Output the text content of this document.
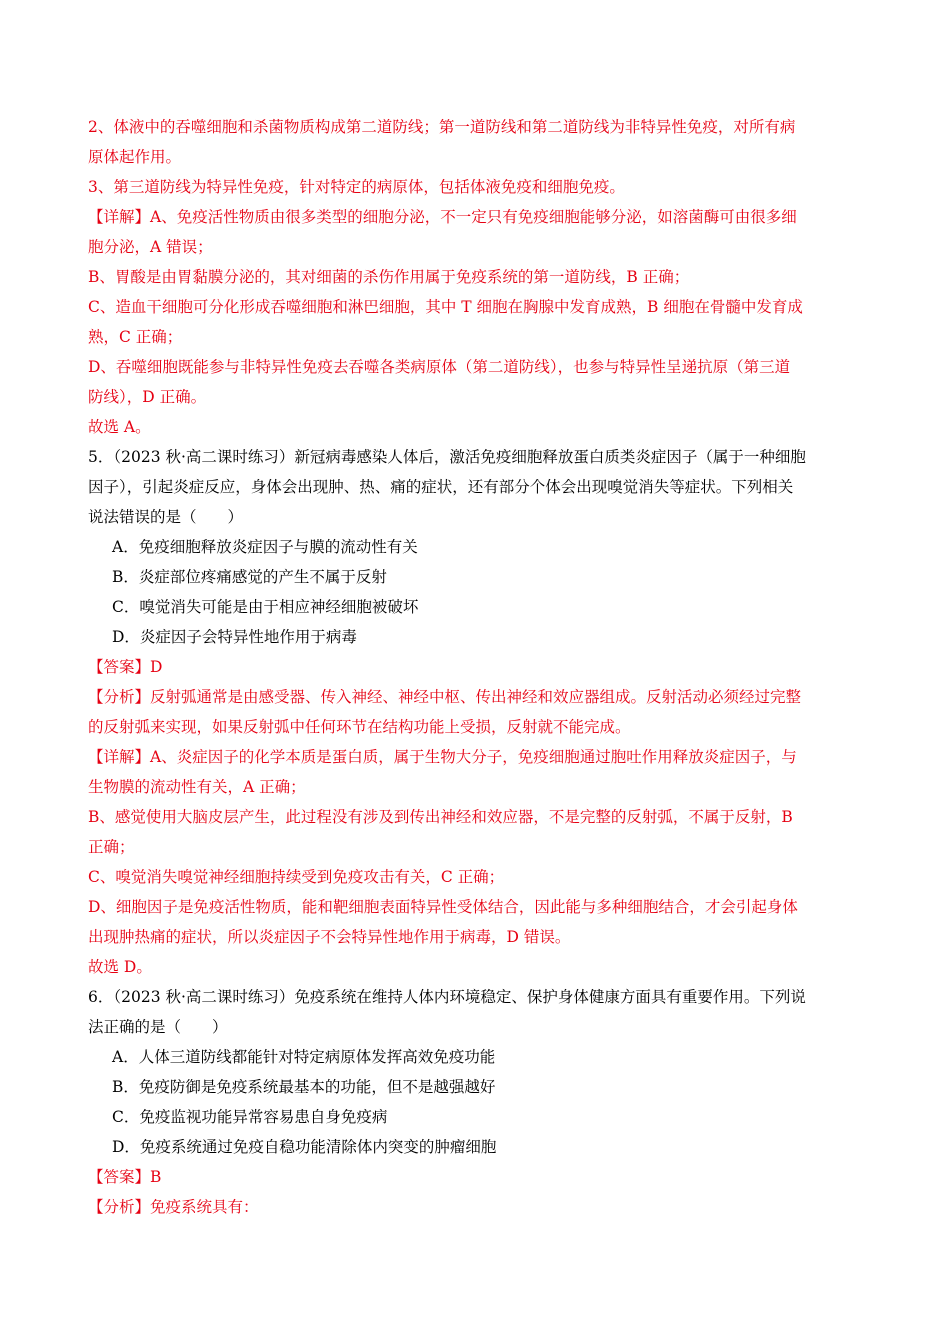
2、体液中的吞噬细胞和杀菌物质构成第二道防线；第一道防线和第二道防线为非特异性免疫，对所有病
原体起作用。
3、第三道防线为特异性免疫，针对特定的病原体，包括体液免疫和细胞免疫。
【详解】A、免疫活性物质由很多类型的细胞分泌，不一定只有免疫细胞能够分泌，如溶菌酶可由很多细
胞分泌，A 错误；
B、胃酸是由胃黏膜分泌的，其对细菌的杀伤作用属于免疫系统的第一道防线，B 正确；
C、造血干细胞可分化形成吞噬细胞和淋巴细胞，其中 T 细胞在胸腺中发育成熟，B 细胞在骨髓中发育成
熟，C 正确；
D、吞噬细胞既能参与非特异性免疫去吞噬各类病原体（第二道防线），也参与特异性呈递抗原（第三道
防线），D 正确。
故选 A。
5．（2023 秋·高二课时练习）新冠病毒感染人体后，激活免疫细胞释放蛋白质类炎症因子（属于一种细胞
因子），引起炎症反应，身体会出现肿、热、痛的症状，还有部分个体会出现嗅觉消失等症状。下列相关
说法错误的是（　　）
A．免疫细胞释放炎症因子与膜的流动性有关
B．炎症部位疼痛感觉的产生不属于反射
C．嗅觉消失可能是由于相应神经细胞被破坏
D．炎症因子会特异性地作用于病毒
【答案】D
【分析】反射弧通常是由感受器、传入神经、神经中枢、传出神经和效应器组成。反射活动必须经过完整
的反射弧来实现，如果反射弧中任何环节在结构功能上受损，反射就不能完成。
【详解】A、炎症因子的化学本质是蛋白质，属于生物大分子，免疫细胞通过胞吐作用释放炎症因子，与
生物膜的流动性有关，A 正确；
B、感觉使用大脑皮层产生，此过程没有涉及到传出神经和效应器，不是完整的反射弧，不属于反射，B
正确；
C、嗅觉消失嗅觉神经细胞持续受到免疫攻击有关，C 正确；
D、细胞因子是免疫活性物质，能和靶细胞表面特异性受体结合，因此能与多种细胞结合，才会引起身体
出现肿热痛的症状，所以炎症因子不会特异性地作用于病毒，D 错误。
故选 D。
6．（2023 秋·高二课时练习）免疫系统在维持人体内环境稳定、保护身体健康方面具有重要作用。下列说
法正确的是（　　）
A．人体三道防线都能针对特定病原体发挥高效免疫功能
B．免疫防御是免疫系统最基本的功能，但不是越强越好
C．免疫监视功能异常容易患自身免疫病
D．免疫系统通过免疫自稳功能清除体内突变的肿瘤细胞
【答案】B
【分析】免疫系统具有：
